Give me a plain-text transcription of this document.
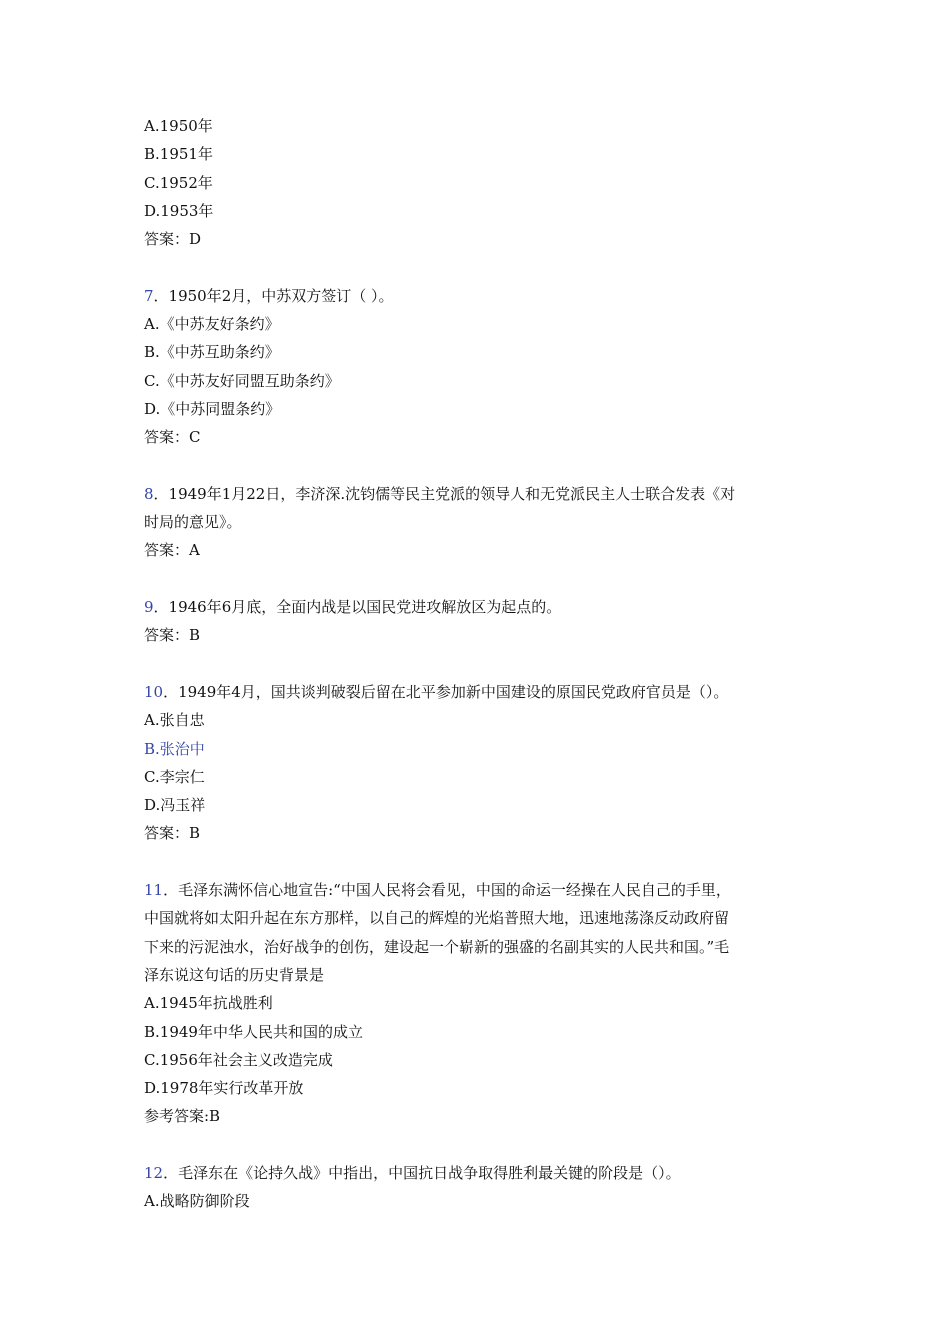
A.1950年
B.1951年
C.1952年
D.1953年
答案：D
7．1950年2月，中苏双方签订（ ）。
A.《中苏友好条约》
B.《中苏互助条约》
C.《中苏友好同盟互助条约》
D.《中苏同盟条约》
答案：C
8．1949年1月22日，李济深.沈钧儒等民主党派的领导人和无党派民主人士联合发表《对
时局的意见》。
答案：A
9．1946年6月底，全面内战是以国民党进攻解放区为起点的。
答案：B
10．1949年4月，国共谈判破裂后留在北平参加新中国建设的原国民党政府官员是（）。
A.张自忠
B.张治中
C.李宗仁
D.冯玉祥
答案：B
11．毛泽东满怀信心地宣告:“中国人民将会看见，中国的命运一经操在人民自己的手里，
中国就将如太阳升起在东方那样，以自己的辉煌的光焰普照大地，迅速地荡涤反动政府留
下来的污泥浊水，治好战争的创伤，建设起一个崭新的强盛的名副其实的人民共和国。”毛
泽东说这句话的历史背景是
A.1945年抗战胜利
B.1949年中华人民共和国的成立
C.1956年社会主义改造完成
D.1978年实行改革开放
参考答案:B
12．毛泽东在《论持久战》中指出，中国抗日战争取得胜利最关键的阶段是（）。
A.战略防御阶段
